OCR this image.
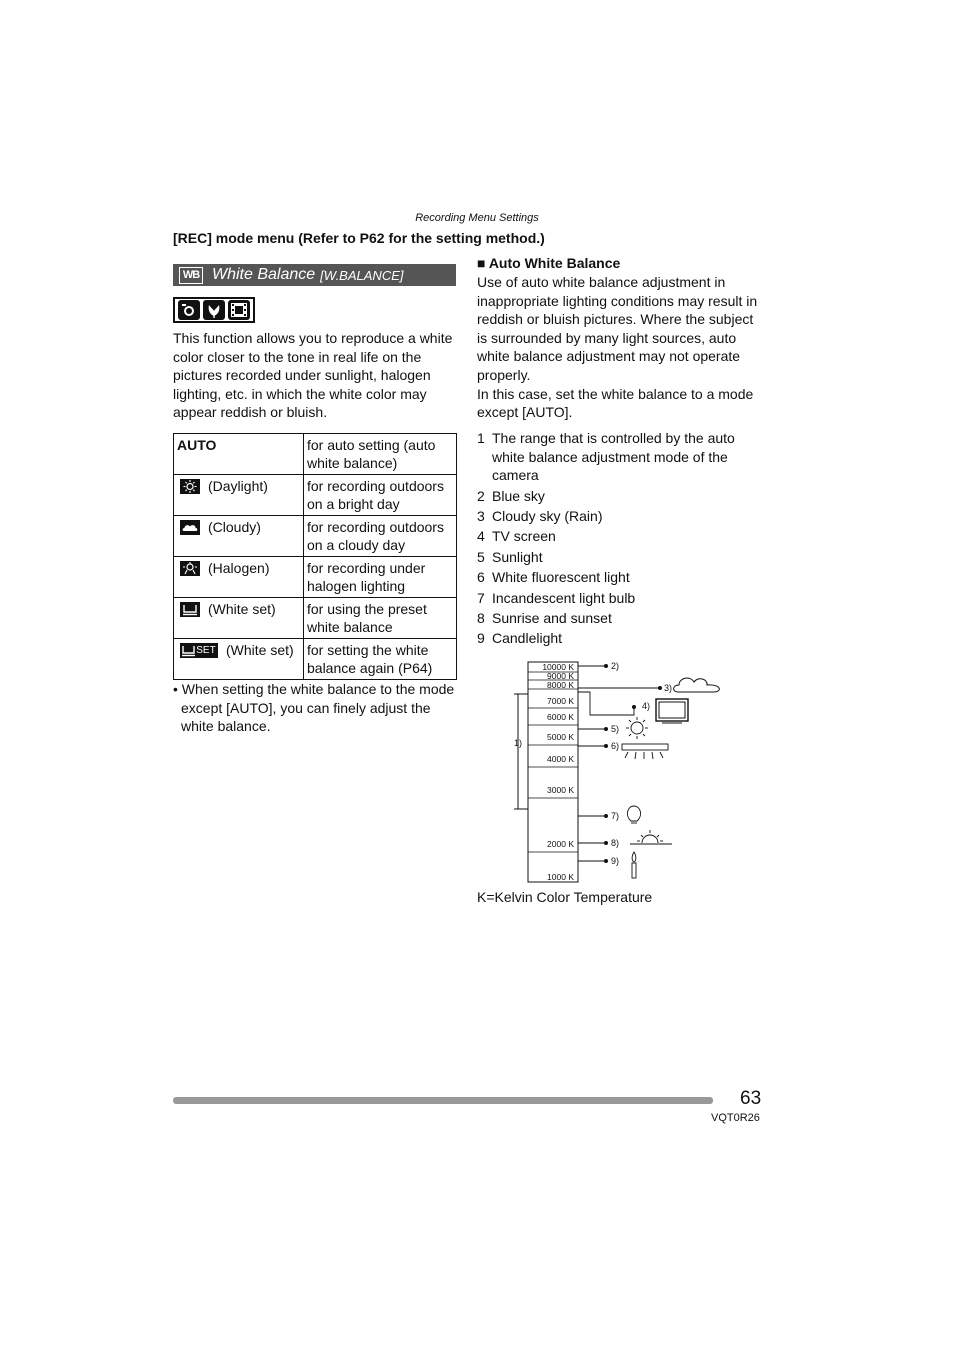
Recording Menu Settings
[REC] mode menu (Refer to P62 for the setting method.)
WB White Balance [W.BALANCE]
This function allows you to reproduce a white color closer to the tone in real life on the pictures recorded under sunlight, halogen lighting, etc. in which the white color may appear reddish or bluish.
AUTO	for auto setting (auto white balance)
(Daylight)	for recording outdoors on a bright day
(Cloudy)	for recording outdoors on a cloudy day
(Halogen)	for recording under halogen lighting
(White set)	for using the preset white balance

SET (White set)	for setting the white balance again (P64)
• When setting the white balance to the mode except [AUTO], you can finely adjust the white balance.
■ Auto White Balance
Use of auto white balance adjustment in inappropriate lighting conditions may result in reddish or bluish pictures. Where the subject is surrounded by many light sources, auto white balance adjustment may not operate properly.
In this case, set the white balance to a mode except [AUTO].
1 The range that is controlled by the auto white balance adjustment mode of the camera
2 Blue sky
3 Cloudy sky (Rain)
4 TV screen
5 Sunlight
6 White fluorescent light
7 Incandescent light bulb
8 Sunrise and sunset
9 Candlelight
10000 K
9000 K
8000 K
7000 K
6000 K
5000 K
4000 K
3000 K
2000 K
1000 K
1)
2)
3)
4)
5)
6)
7)
8)
9)
K=Kelvin Color Temperature
63
VQT0R26
